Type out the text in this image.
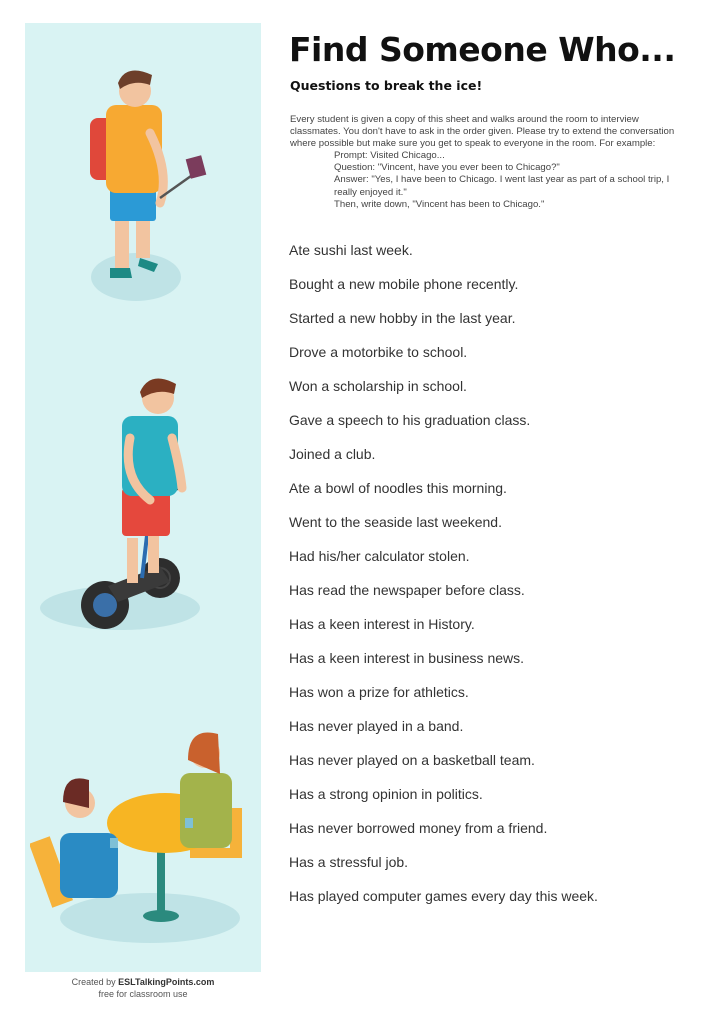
Created by ESLTalkingPoints.com
free for classroom use
Find Someone Who...
Questions to break the ice!

Every student is given a copy of this sheet and walks around the room to interview classmates. You don't have to ask in the order given. Please try to extend the conversation where possible but make sure you get to speak to everyone in the room. For example:

Prompt: Visited Chicago...

Question: "Vincent, have you ever been to Chicago?"

Answer: "Yes, I have been to Chicago. I went last year as part of a school trip, I really enjoyed it."

Then, write down, "Vincent has been to Chicago."

Ate sushi last week.
Bought a new mobile phone recently.
Started a new hobby in the last year.
Drove a motorbike to school.
Won a scholarship in school.
Gave a speech to his graduation class.
Joined a club.
Ate a bowl of noodles this morning.
Went to the seaside last weekend.
Had his/her calculator stolen.
Has read the newspaper before class.
Has a keen interest in History.
Has a keen interest in business news.
Has won a prize for athletics.
Has never played in a band.
Has never played on a basketball team.
Has a strong opinion in politics.
Has never borrowed money from a friend.
Has a stressful job.
Has played computer games every day this week.
